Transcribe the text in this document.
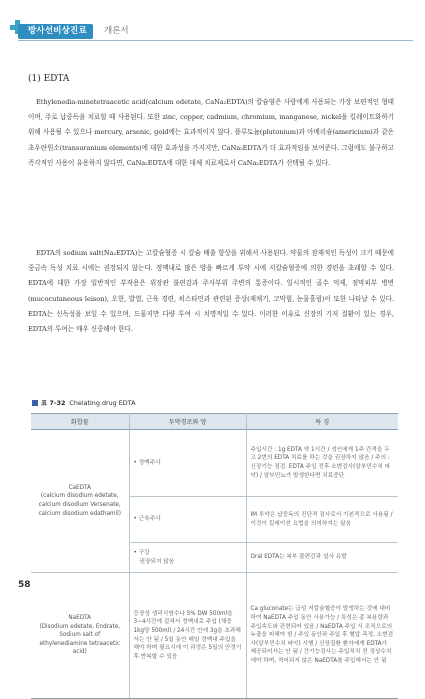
방사선비상진료	개론서
(1) EDTA

Ethylenedia-minetetraacetic acid(calcium edetate, CaNa₂EDTA)의 칼슘염은 사람에게 사용되는 가장 보편적인 형태이며, 주로 납중독을 치료할 때 사용된다. 또한 zinc, copper, cadmium, chromium, manganese, nickel을 킬레이트화하기 위해 사용될 수 있으나 mercury, arsenic, gold에는 효과적이지 않다. 플루토늄(plutonium)과 아메리슘(americium)과 같은 초우란원소(transuranium elements)에 대한 효과성을 가지지만, CaNa₂EDTA가 더 효과적임을 보여준다. 그럼에도 불구하고 즉각적인 사용이 유용하지 않다면, CaNa₂EDTA에 대한 대체 치료제로서 CaNa₂EDTA가 선택될 수 있다.

EDTA의 sodium salt(Na₂EDTA)는 고칼슘혈증 시 칼슘 배출 향상을 위해서 사용된다. 약물의 잠재적인 독성이 크기 때문에 중금속 독성 치료 시에는 권장되지 않는다. 정맥내로 많은 양을 빠르게 투약 시에 저칼슘혈증에 의한 경련을 초래할 수 있다. EDTA에 대한 가장 일반적인 부작용은 위장관 불편감과 주사부위 주변의 통증이다. 일시적인 골수 억제, 점막피부 병변(mucocutaneous leison), 오한, 발열, 근육 경련, 히스타민과 관련된 증상(재채기, 코막힘, 눈물흘림)이 또한 나타날 수 있다. EDTA는 신독성을 보일 수 있으며, 드물지만 다량 투여 시 치명적일 수 있다. 이러한 이유로 신장의 기저 질환이 있는 경우, EDTA의 투여는 매우 신중해야 한다.

표 7-32 Chelating drug EDTA
화합물	투약경로와 양	특 징
CaEDTA
(calcium disodium edetate, calcium disodium Versenate, calcium disodium edathamil)	• 정맥주사	주입시간 : 1g EDTA 약 1시간 / 성인에게 1주 간격을 두고 2번의 EDTA 치료를 하는 것을 권장하지 않음 / 주의 : 신장기능 점검. EDTA 주입 전후 소변검사(알부민수치 파악) / 알부민뇨가 발생한다면 치료중단

	• 근육주사	IM 투약은 납중독의 진단적 검사로서 기본적으로 사용됨 / 이것이 킬레이션 요법을 의미하지는 않음

	• 구강
권장되지 않음	Oral EDTA는 복부 불편감과 설사 유발
NaEDTA
(Disodium edetate, Endrate, Sodium salt of ethylenediamine tetraacetic acid)	등장성 생리식염수나 5% DW 500ml을 3~4시간에 걸쳐서 정맥내로 주입 (채중 1kg당 500ml) / 24시간 안에 3g을 초과해서는 안 됨 / 5일 동안 매일 정맥내 주입을 해야 하며 필요시에 이 과정은 5일의 안정기 후 반복할 수 있음	Ca gluconate는 급성 저칼슘혈증이 발생하는 것에 대비하여 NaEDTA 주입 동안 사용가능 / 특성은 총 복용량과 주입속도와 관련되어 있음 / NaEDTA 주입 시 조직으로의 누출을 피해야 함 / 주입 동안과 주입 후 혈압 측정, 소변검사(알부민수치 파악) 시행 / 신장질환 환자에게 EDTA가 제공되어서는 안 됨 / 간기능검사는 주입치치 전 정상수치에야 하며, 적어되지 않은 NaEDTA를 주입해서는 안 됨
58
